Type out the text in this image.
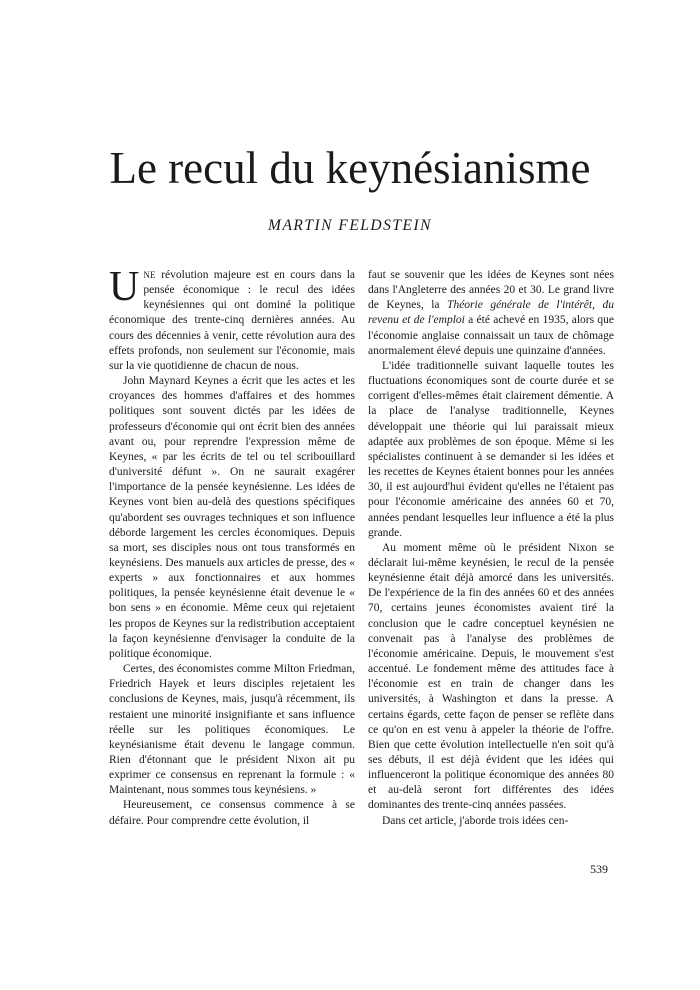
Le recul du keynésianisme
MARTIN FELDSTEIN

UNE révolution majeure est en cours dans la pensée économique : le recul des idées keynésiennes qui ont dominé la politique économique des trente-cinq dernières années. Au cours des décennies à venir, cette révolution aura des effets profonds, non seulement sur l'économie, mais sur la vie quotidienne de chacun de nous.

John Maynard Keynes a écrit que les actes et les croyances des hommes d'affaires et des hommes politiques sont souvent dictés par les idées de professeurs d'économie qui ont écrit bien des années avant ou, pour reprendre l'expression même de Keynes, « par les écrits de tel ou tel scribouillard d'université défunt ». On ne saurait exagérer l'importance de la pensée keynésienne. Les idées de Keynes vont bien au-delà des questions spécifiques qu'abordent ses ouvrages techniques et son influence déborde largement les cercles économiques. Depuis sa mort, ses disciples nous ont tous transformés en keynésiens. Des manuels aux articles de presse, des « experts » aux fonctionnaires et aux hommes politiques, la pensée keynésienne était devenue le « bon sens » en économie. Même ceux qui rejetaient les propos de Keynes sur la redistribution acceptaient la façon keynésienne d'envisager la conduite de la politique économique.

Certes, des économistes comme Milton Friedman, Friedrich Hayek et leurs disciples rejetaient les conclusions de Keynes, mais, jusqu'à récemment, ils restaient une minorité insignifiante et sans influence réelle sur les politiques économiques. Le keynésianisme était devenu le langage commun. Rien d'étonnant que le président Nixon ait pu exprimer ce consensus en reprenant la formule : « Maintenant, nous sommes tous keynésiens. »

Heureusement, ce consensus commence à se défaire. Pour comprendre cette évolution, il

faut se souvenir que les idées de Keynes sont nées dans l'Angleterre des années 20 et 30. Le grand livre de Keynes, la Théorie générale de l'intérêt, du revenu et de l'emploi a été achevé en 1935, alors que l'économie anglaise connaissait un taux de chômage anormalement élevé depuis une quinzaine d'années.

L'idée traditionnelle suivant laquelle toutes les fluctuations économiques sont de courte durée et se corrigent d'elles-mêmes était clairement démentie. A la place de l'analyse traditionnelle, Keynes développait une théorie qui lui paraissait mieux adaptée aux problèmes de son époque. Même si les spécialistes continuent à se demander si les idées et les recettes de Keynes étaient bonnes pour les années 30, il est aujourd'hui évident qu'elles ne l'étaient pas pour l'économie américaine des années 60 et 70, années pendant lesquelles leur influence a été la plus grande.

Au moment même où le président Nixon se déclarait lui-même keynésien, le recul de la pensée keynésienne était déjà amorcé dans les universités. De l'expérience de la fin des années 60 et des années 70, certains jeunes économistes avaient tiré la conclusion que le cadre conceptuel keynésien ne convenait pas à l'analyse des problèmes de l'économie américaine. Depuis, le mouvement s'est accentué. Le fondement même des attitudes face à l'économie est en train de changer dans les universités, à Washington et dans la presse. A certains égards, cette façon de penser se reflète dans ce qu'on en est venu à appeler la théorie de l'offre. Bien que cette évolution intellectuelle n'en soit qu'à ses débuts, il est déjà évident que les idées qui influenceront la politique économique des années 80 et au-delà seront fort différentes des idées dominantes des trente-cinq années passées.

Dans cet article, j'aborde trois idées cen-

539
